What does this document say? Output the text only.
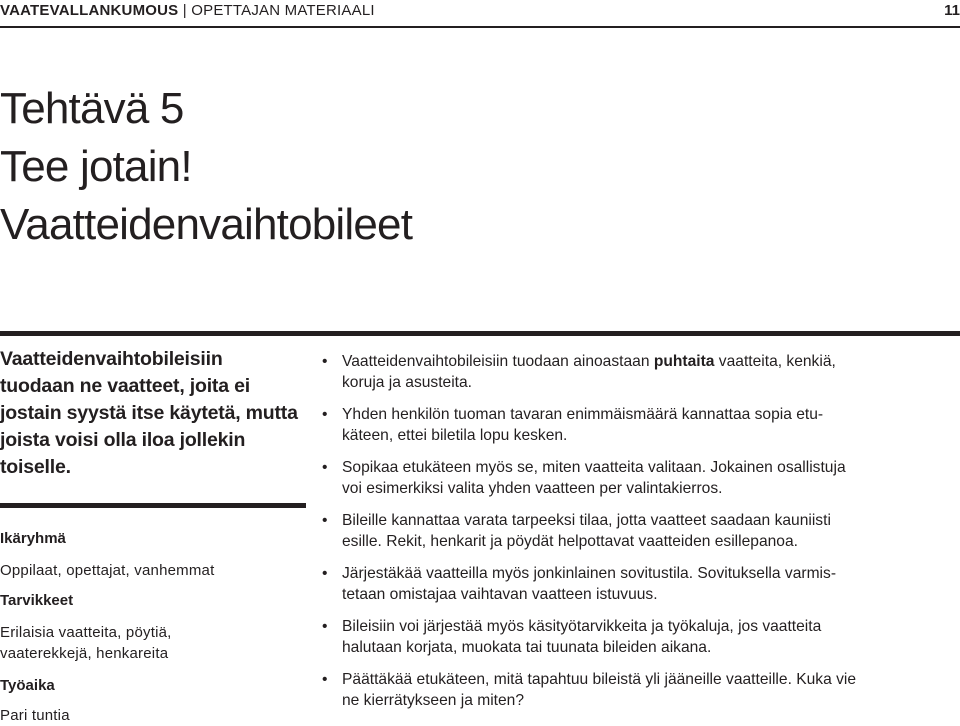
VAATEVALLANKUMOUS | OPETTAJAN MATERIAALI	11
Tehtävä 5
Tee jotain!
Vaatteidenvaihtobileet
Vaatteidenvaihtobileisiin tuodaan ne vaatteet, joita ei jostain syystä itse käytetä, mutta joista voisi olla iloa jollekin toiselle.
Ikäryhmä
Oppilaat, opettajat, vanhemmat
Tarvikkeet
Erilaisia vaatteita, pöytiä,
vaaterekkejä, henkareita
Työaika
Pari tuntia
• Vaatteidenvaihtobileisiin tuodaan ainoastaan puhtaita vaatteita, kenkiä,
koruja ja asusteita.
• Yhden henkilön tuoman tavaran enimmäismäärä kannattaa sopia etu-
käteen, ettei biletila lopu kesken.
• Sopikaa etukäteen myös se, miten vaatteita valitaan. Jokainen osallistuja
voi esimerkiksi valita yhden vaatteen per valintakierros.
• Bileille kannattaa varata tarpeeksi tilaa, jotta vaatteet saadaan kauniisti
esille. Rekit, henkarit ja pöydät helpottavat vaatteiden esillepanoa.
• Järjestäkää vaatteilla myös jonkinlainen sovitustila. Sovituksella varmis-
tetaan omistajaa vaihtavan vaatteen istuvuus.
• Bileisiin voi järjestää myös käsityötarvikkeita ja työkaluja, jos vaatteita
halutaan korjata, muokata tai tuunata bileiden aikana.
• Päättäkää etukäteen, mitä tapahtuu bileistä yli jääneille vaatteille. Kuka vie
ne kierrätykseen ja miten?
